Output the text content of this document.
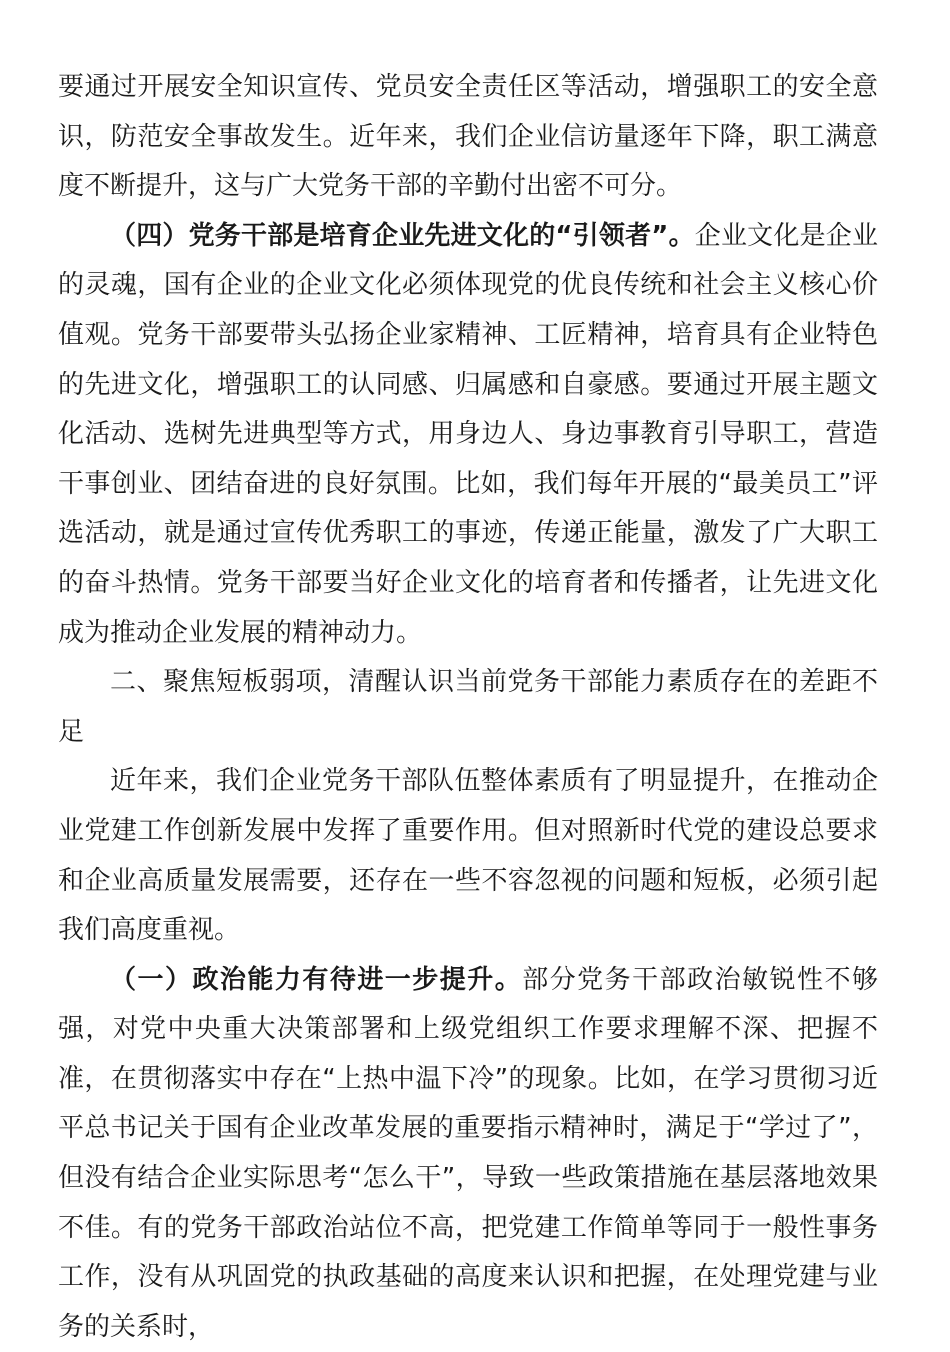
要通过开展安全知识宣传、党员安全责任区等活动，增强职工的安全意识，防范安全事故发生。近年来，我们企业信访量逐年下降，职工满意度不断提升，这与广大党务干部的辛勤付出密不可分。

（四）党务干部是培育企业先进文化的“引领者”。企业文化是企业的灵魂，国有企业的企业文化必须体现党的优良传统和社会主义核心价值观。党务干部要带头弘扬企业家精神、工匠精神，培育具有企业特色的先进文化，增强职工的认同感、归属感和自豪感。要通过开展主题文化活动、选树先进典型等方式，用身边人、身边事教育引导职工，营造干事创业、团结奋进的良好氛围。比如，我们每年开展的“最美员工”评选活动，就是通过宣传优秀职工的事迹，传递正能量，激发了广大职工的奋斗热情。党务干部要当好企业文化的培育者和传播者，让先进文化成为推动企业发展的精神动力。

二、聚焦短板弱项，清醒认识当前党务干部能力素质存在的差距不足

近年来，我们企业党务干部队伍整体素质有了明显提升，在推动企业党建工作创新发展中发挥了重要作用。但对照新时代党的建设总要求和企业高质量发展需要，还存在一些不容忽视的问题和短板，必须引起我们高度重视。

（一）政治能力有待进一步提升。部分党务干部政治敏锐性不够强，对党中央重大决策部署和上级党组织工作要求理解不深、把握不准，在贯彻落实中存在“上热中温下冷”的现象。比如，在学习贯彻习近平总书记关于国有企业改革发展的重要指示精神时，满足于“学过了”，但没有结合企业实际思考“怎么干”，导致一些政策措施在基层落地效果不佳。有的党务干部政治站位不高，把党建工作简单等同于一般性事务工作，没有从巩固党的执政基础的高度来认识和把握，在处理党建与业务的关系时，
